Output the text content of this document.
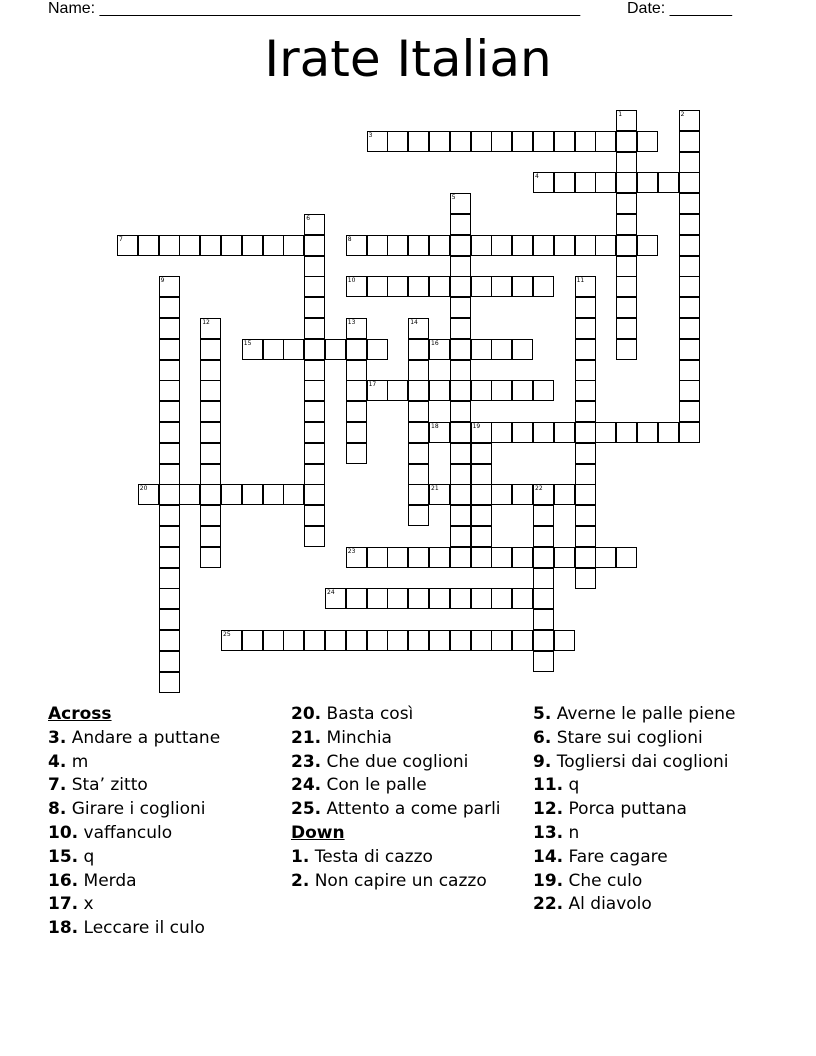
Name: ______________________________________________________	Date: _______
Irate Italian
1	2
3
4
5
6
7	8
9	10	11
12	13	14
15	16
17
18	19
20	21	22
23
24
25
Across
3. Andare a puttane
4. m
7. Sta’ zitto
8. Girare i coglioni
10. vaffanculo
15. q
16. Merda
17. x
18. Leccare il culo
20. Basta così
21. Minchia
23. Che due coglioni
24. Con le palle
25. Attento a come parli
Down
1. Testa di cazzo
2. Non capire un cazzo
5. Averne le palle piene
6. Stare sui coglioni
9. Togliersi dai coglioni
11. q
12. Porca puttana
13. n
14. Fare cagare
19. Che culo
22. Al diavolo
